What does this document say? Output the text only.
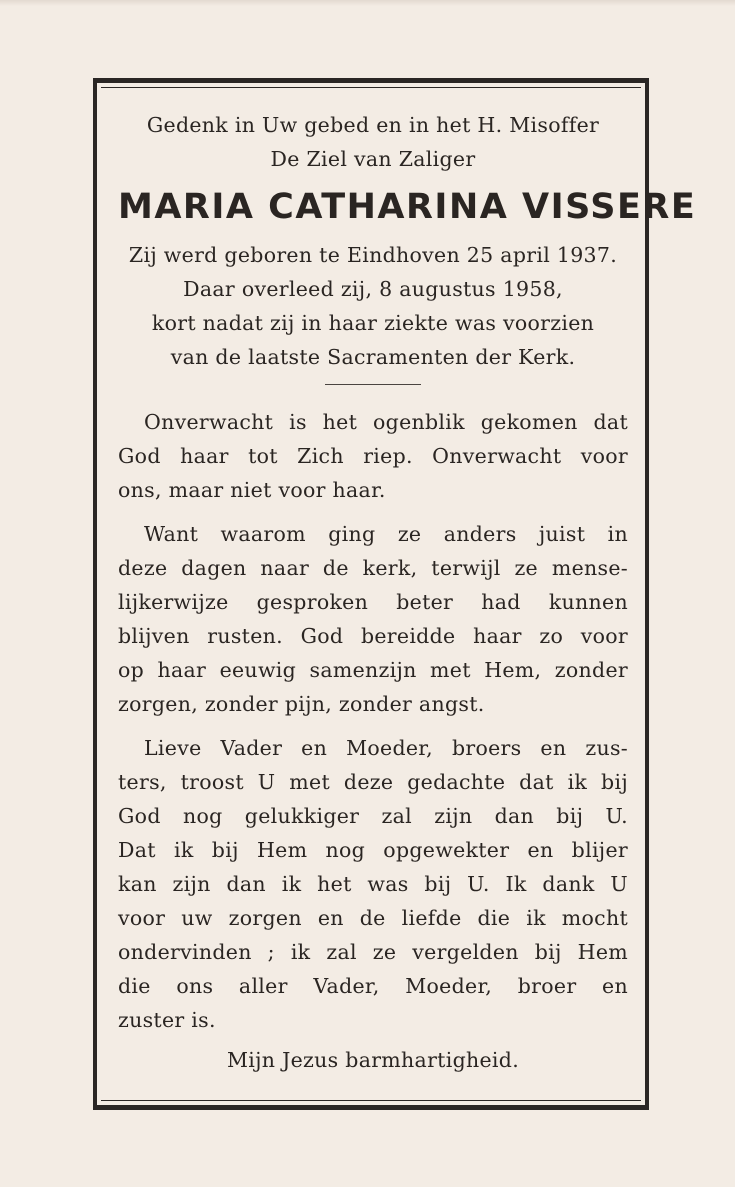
Gedenk in Uw gebed en in het H. Misoffer
De Ziel van Zaliger
MARIA CATHARINA VISSERE
Zij werd geboren te Eindhoven 25 april 1937.
Daar overleed zij, 8 augustus 1958,
kort nadat zij in haar ziekte was voorzien
van de laatste Sacramenten der Kerk.
Onverwacht is het ogenblik gekomen dat
God haar tot Zich riep. Onverwacht voor
ons, maar niet voor haar.
Want waarom ging ze anders juist in
deze dagen naar de kerk, terwijl ze mense-
lijkerwijze gesproken beter had kunnen
blijven rusten. God bereidde haar zo voor
op haar eeuwig samenzijn met Hem, zonder
zorgen, zonder pijn, zonder angst.
Lieve Vader en Moeder, broers en zus-
ters, troost U met deze gedachte dat ik bij
God nog gelukkiger zal zijn dan bij U.
Dat ik bij Hem nog opgewekter en blijer
kan zijn dan ik het was bij U. Ik dank U
voor uw zorgen en de liefde die ik mocht
ondervinden ; ik zal ze vergelden bij Hem
die ons aller Vader, Moeder, broer en
zuster is.
Mijn Jezus barmhartigheid.
